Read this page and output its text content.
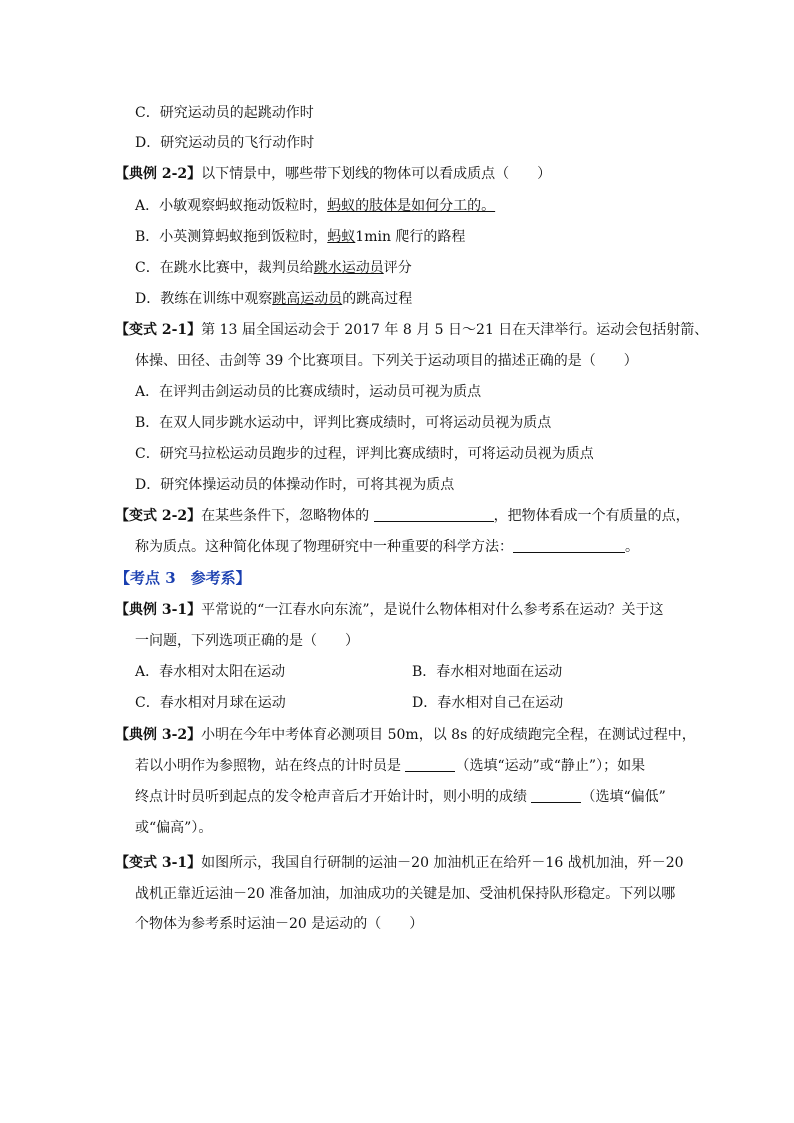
C．研究运动员的起跳动作时
D．研究运动员的飞行动作时
【典例 2-2】以下情景中，哪些带下划线的物体可以看成质点（　　）
A．小敏观察蚂蚁拖动饭粒时，蚂蚁的肢体是如何分工的。
B．小英测算蚂蚁拖到饭粒时，蚂蚁1min 爬行的路程
C．在跳水比赛中，裁判员给跳水运动员评分
D．教练在训练中观察跳高运动员的跳高过程
【变式 2-1】第 13 届全国运动会于 2017 年 8 月 5 日～21 日在天津举行。运动会包括射箭、
体操、田径、击剑等 39 个比赛项目。下列关于运动项目的描述正确的是（　　）
A．在评判击剑运动员的比赛成绩时，运动员可视为质点
B．在双人同步跳水运动中，评判比赛成绩时，可将运动员视为质点
C．研究马拉松运动员跑步的过程，评判比赛成绩时，可将运动员视为质点
D．研究体操运动员的体操动作时，可将其视为质点
【变式 2-2】在某些条件下，忽略物体的	，把物体看成一个有质量的点，
称为质点。这种简化体现了物理研究中一种重要的科学方法：	。
【考点 3　参考系】
【典例 3-1】平常说的“一江春水向东流”，是说什么物体相对什么参考系在运动？关于这
一问题，下列选项正确的是（　　）
A．春水相对太阳在运动	B．春水相对地面在运动
C．春水相对月球在运动	D．春水相对自己在运动
【典例 3-2】小明在今年中考体育必测项目 50m，以 8s 的好成绩跑完全程，在测试过程中，
若以小明作为参照物，站在终点的计时员是	（选填“运动”或“静止”）；如果
终点计时员听到起点的发令枪声音后才开始计时，则小明的成绩	（选填“偏低”
或“偏高”）。
【变式 3-1】如图所示，我国自行研制的运油－20 加油机正在给歼－16 战机加油，歼－20
战机正靠近运油－20 准备加油，加油成功的关键是加、受油机保持队形稳定。下列以哪
个物体为参考系时运油－20 是运动的（　　）
